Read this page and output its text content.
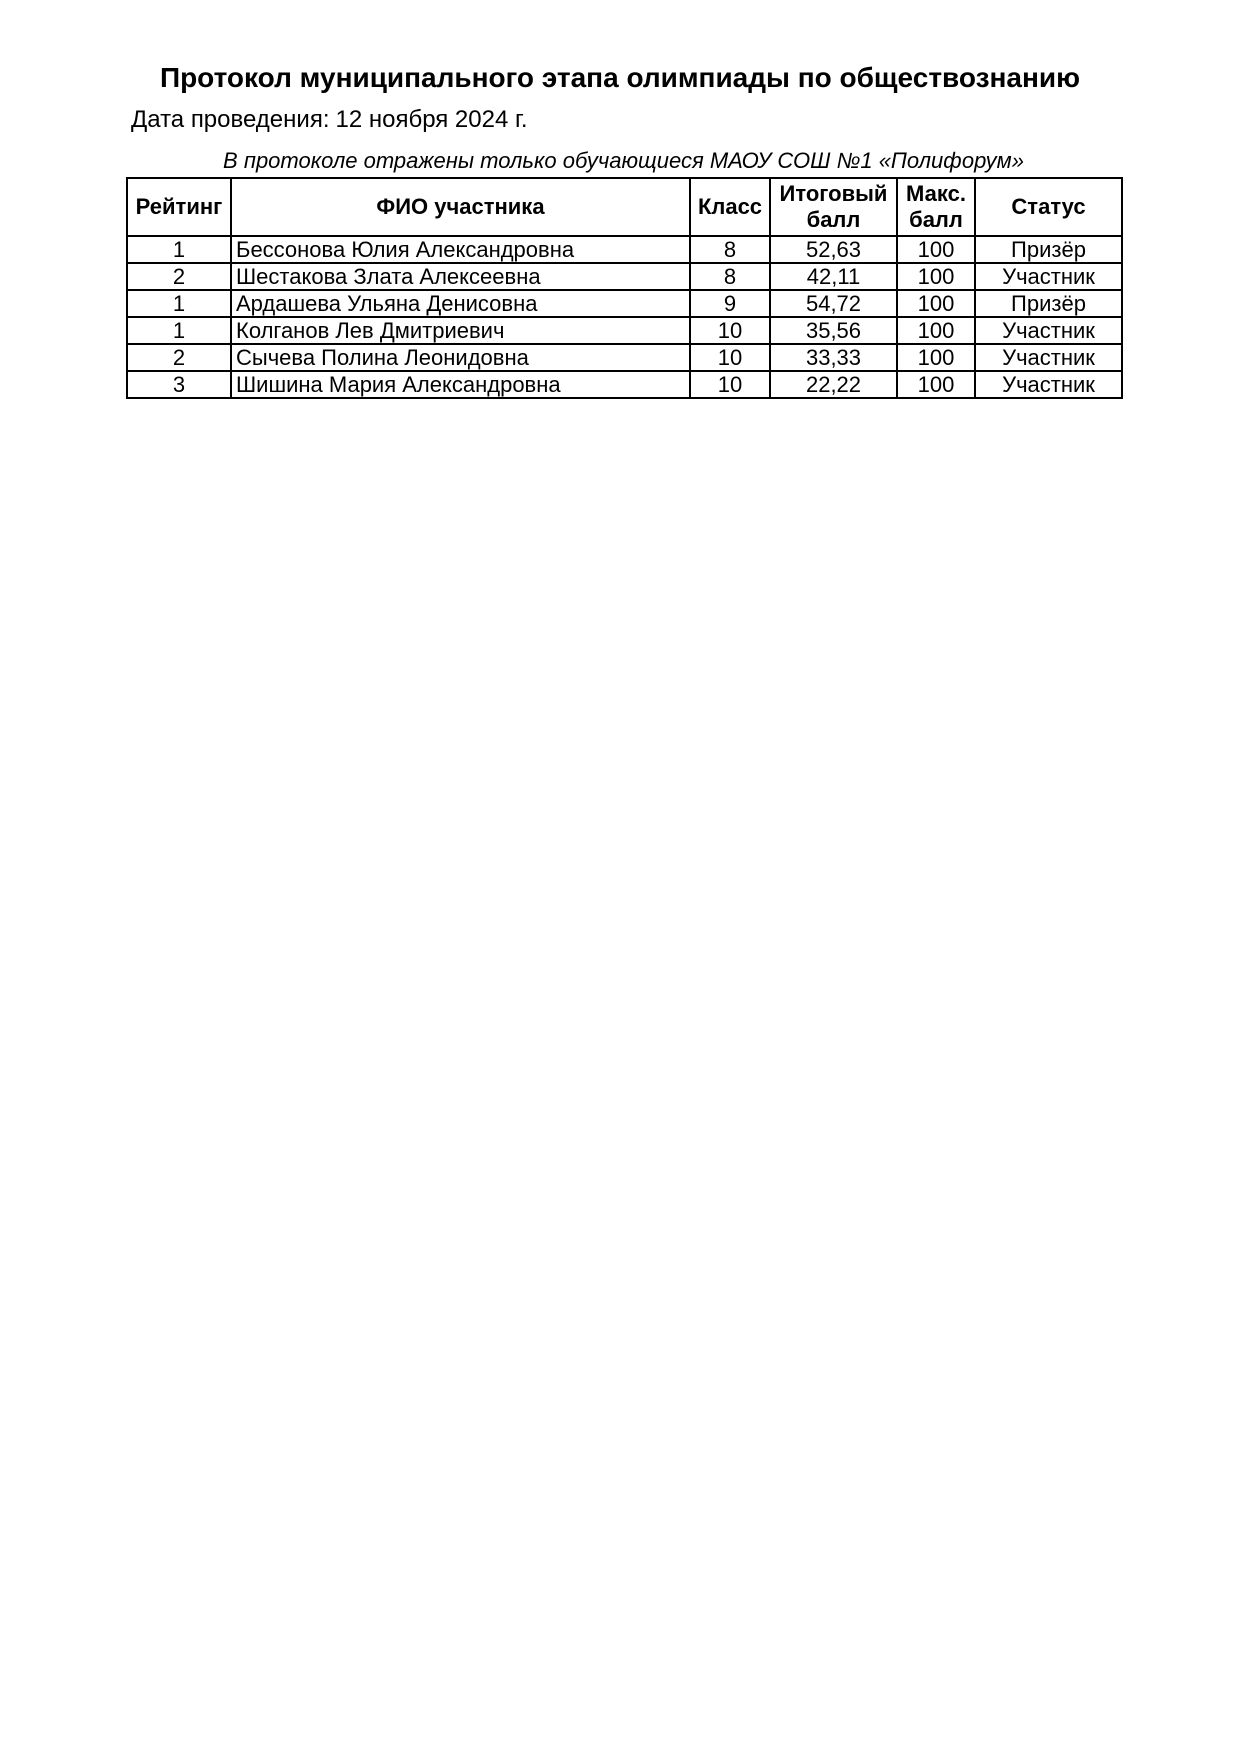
Протокол муниципального этапа олимпиады по обществознанию
Дата проведения: 12 ноября 2024 г.
В протоколе отражены только обучающиеся МАОУ СОШ №1 «Полифорум»
Рейтинг	ФИО участника	Класс	Итоговый балл	Макс. балл	Статус
1	Бессонова Юлия Александровна	8	52,63	100	Призёр
2	Шестакова Злата Алексеевна	8	42,11	100	Участник
1	Ардашева Ульяна Денисовна	9	54,72	100	Призёр
1	Колганов Лев Дмитриевич	10	35,56	100	Участник
2	Сычева Полина Леонидовна	10	33,33	100	Участник
3	Шишина Мария Александровна	10	22,22	100	Участник
